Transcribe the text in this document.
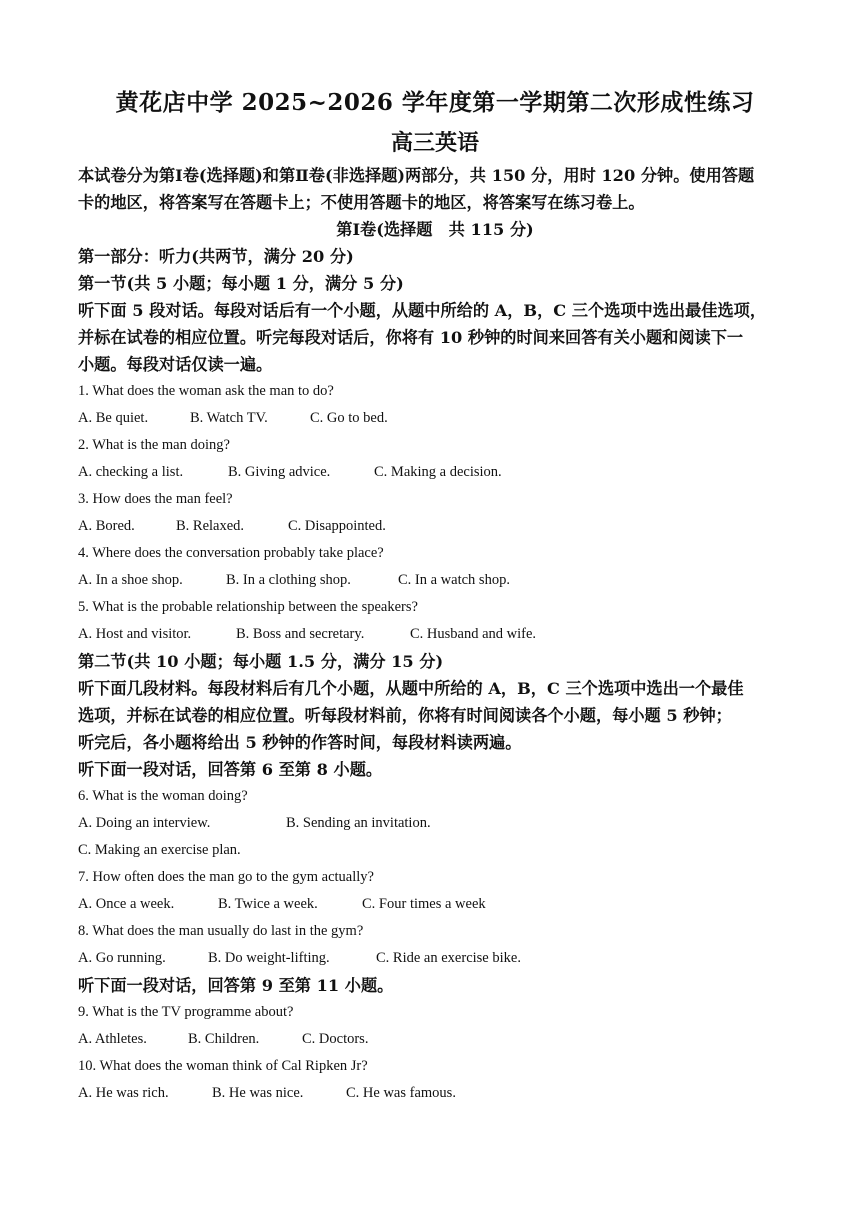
黄花店中学 2025~2026 学年度第一学期第二次形成性练习

高三英语

本试卷分为第Ⅰ卷(选择题)和第Ⅱ卷(非选择题)两部分，共 150 分，用时 120 分钟。使用答题

卡的地区，将答案写在答题卡上；不使用答题卡的地区，将答案写在练习卷上。

第Ⅰ卷(选择题　共 115 分)

第一部分：听力(共两节，满分 20 分)

第一节(共 5 小题；每小题 1 分，满分 5 分)

听下面 5 段对话。每段对话后有一个小题，从题中所给的 A，B，C 三个选项中选出最佳选项，

并标在试卷的相应位置。听完每段对话后，你将有 10 秒钟的时间来回答有关小题和阅读下一

小题。每段对话仅读一遍。

1. What does the woman ask the man to do?

A. Be quiet.	B. Watch TV.	C. Go to bed.

2. What is the man doing?

A. checking a list.	B. Giving advice.	C. Making a decision.

3. How does the man feel?

A. Bored.	B. Relaxed.	C. Disappointed.

4. Where does the conversation probably take place?

A. In a shoe shop.	B. In a clothing shop.	C. In a watch shop.

5. What is the probable relationship between the speakers?

A. Host and visitor.	B. Boss and secretary.	C. Husband and wife.

第二节(共 10 小题；每小题 1.5 分，满分 15 分)

听下面几段材料。每段材料后有几个小题，从题中所给的 A，B，C 三个选项中选出一个最佳

选项，并标在试卷的相应位置。听每段材料前，你将有时间阅读各个小题，每小题 5 秒钟；

听完后，各小题将给出 5 秒钟的作答时间，每段材料读两遍。

听下面一段对话，回答第 6 至第 8 小题。

6. What is the woman doing?

A. Doing an interview.	B. Sending an invitation.
C. Making an exercise plan.

7. How often does the man go to the gym actually?

A. Once a week.	B. Twice a week.	C. Four times a week

8. What does the man usually do last in the gym?

A. Go running.	B. Do weight-lifting.	C. Ride an exercise bike.

听下面一段对话，回答第 9 至第 11 小题。

9. What is the TV programme about?

A. Athletes.	B. Children.	C. Doctors.

10. What does the woman think of Cal Ripken Jr?

A. He was rich.	B. He was nice.	C. He was famous.
